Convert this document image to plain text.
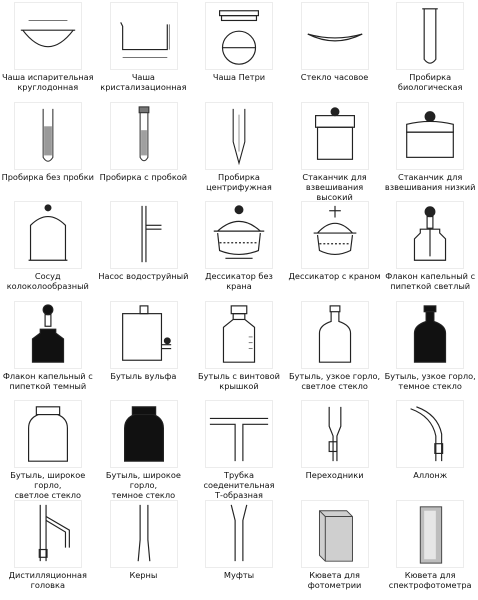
Чаша испарительная
круглодонная
Чаша
кристализационная
Чаша Петри	Стекло часовое	Пробирка
биологическая
Пробирка без пробки Пробирка с пробкой	Пробирка
центрифужная
Стаканчик для
взвешивания высокий
Стаканчик для
взвешивания низкий
Сосуд
колоколообразный
Насос водоструйный	Дессикатор без крана
Дессикатор с краном Флакон капельный с
пипеткой светлый
Флакон капельный с
пипеткой темный
Бутыль вульфа	Бутыль с винтовой
крышкой
Бутыль, узкое горло,
светлое стекло
Бутыль, узкое горло,
темное стекло
Бутыль, широкое горло,
светлое стекло
Бутыль, широкое горло,
темное стекло
Трубка соеденительная
Т-образная
Переходники	Аллонж
Дистилляционная
головка
Керны	Муфты	Кювета для
фотометрии
Кювета для
спектрофотометра
